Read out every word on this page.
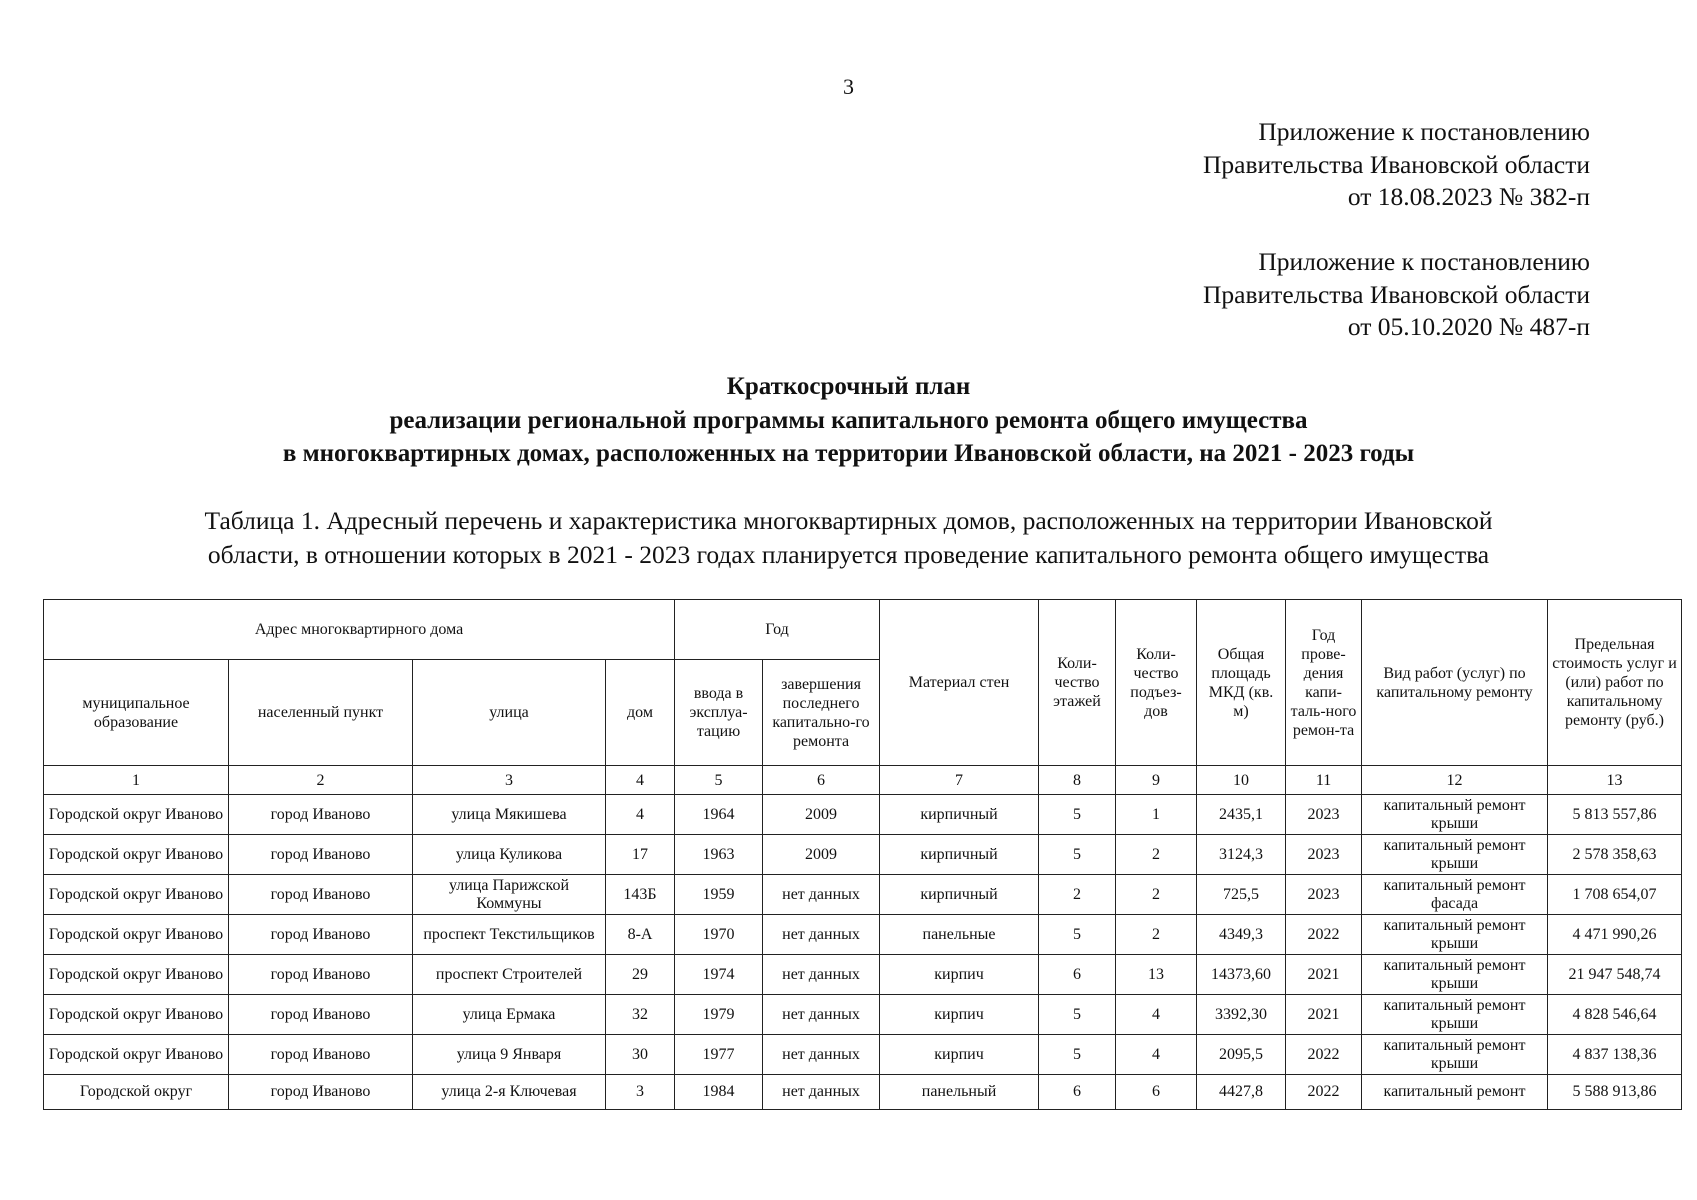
3
Приложение к постановлению
Правительства Ивановской области
от 18.08.2023 № 382-п
Приложение к постановлению
Правительства Ивановской области
от 05.10.2020 № 487-п
Краткосрочный план
реализации региональной программы капитального ремонта общего имущества
в многоквартирных домах, расположенных на территории Ивановской области, на 2021 - 2023 годы
Таблица 1. Адресный перечень и характеристика многоквартирных домов, расположенных на территории Ивановской
области, в отношении которых в 2021 - 2023 годах планируется проведение капитального ремонта общего имущества
Адрес многоквартирного дома				Год		Материал стен	Коли-чество этажей	Коли-чество подъез-дов	Общая площадь МКД (кв. м)	Год прове-дения капи-таль-ного ремон-та	Вид работ (услуг) по капитальному ремонту	Предельная стоимость услуг и (или) работ по капитальному ремонту (руб.)
муниципальное образование	населенный пункт	улица	дом	ввода в эксплуа-тацию	завершения последнего капитально-го ремонта							
1	2	3	4	5	6	7	8	9	10	11	12	13
Городской округ Иваново	город Иваново	улица Мякишева	4	1964	2009	кирпичный	5	1	2435,1	2023	капитальный ремонт крыши	5 813 557,86
Городской округ Иваново	город Иваново	улица Куликова	17	1963	2009	кирпичный	5	2	3124,3	2023	капитальный ремонт крыши	2 578 358,63
Городской округ Иваново	город Иваново	улица Парижской Коммуны	143Б	1959	нет данных	кирпичный	2	2	725,5	2023	капитальный ремонт фасада	1 708 654,07
Городской округ Иваново	город Иваново	проспект Текстильщиков	8-А	1970	нет данных	панельные	5	2	4349,3	2022	капитальный ремонт крыши	4 471 990,26
Городской округ Иваново	город Иваново	проспект Строителей	29	1974	нет данных	кирпич	6	13	14373,60	2021	капитальный ремонт крыши	21 947 548,74
Городской округ Иваново	город Иваново	улица Ермака	32	1979	нет данных	кирпич	5	4	3392,30	2021	капитальный ремонт крыши	4 828 546,64
Городской округ Иваново	город Иваново	улица 9 Января	30	1977	нет данных	кирпич	5	4	2095,5	2022	капитальный ремонт крыши	4 837 138,36
Городской округ	город Иваново	улица 2-я Ключевая	3	1984	нет данных	панельный	6	6	4427,8	2022	капитальный ремонт	5 588 913,86
